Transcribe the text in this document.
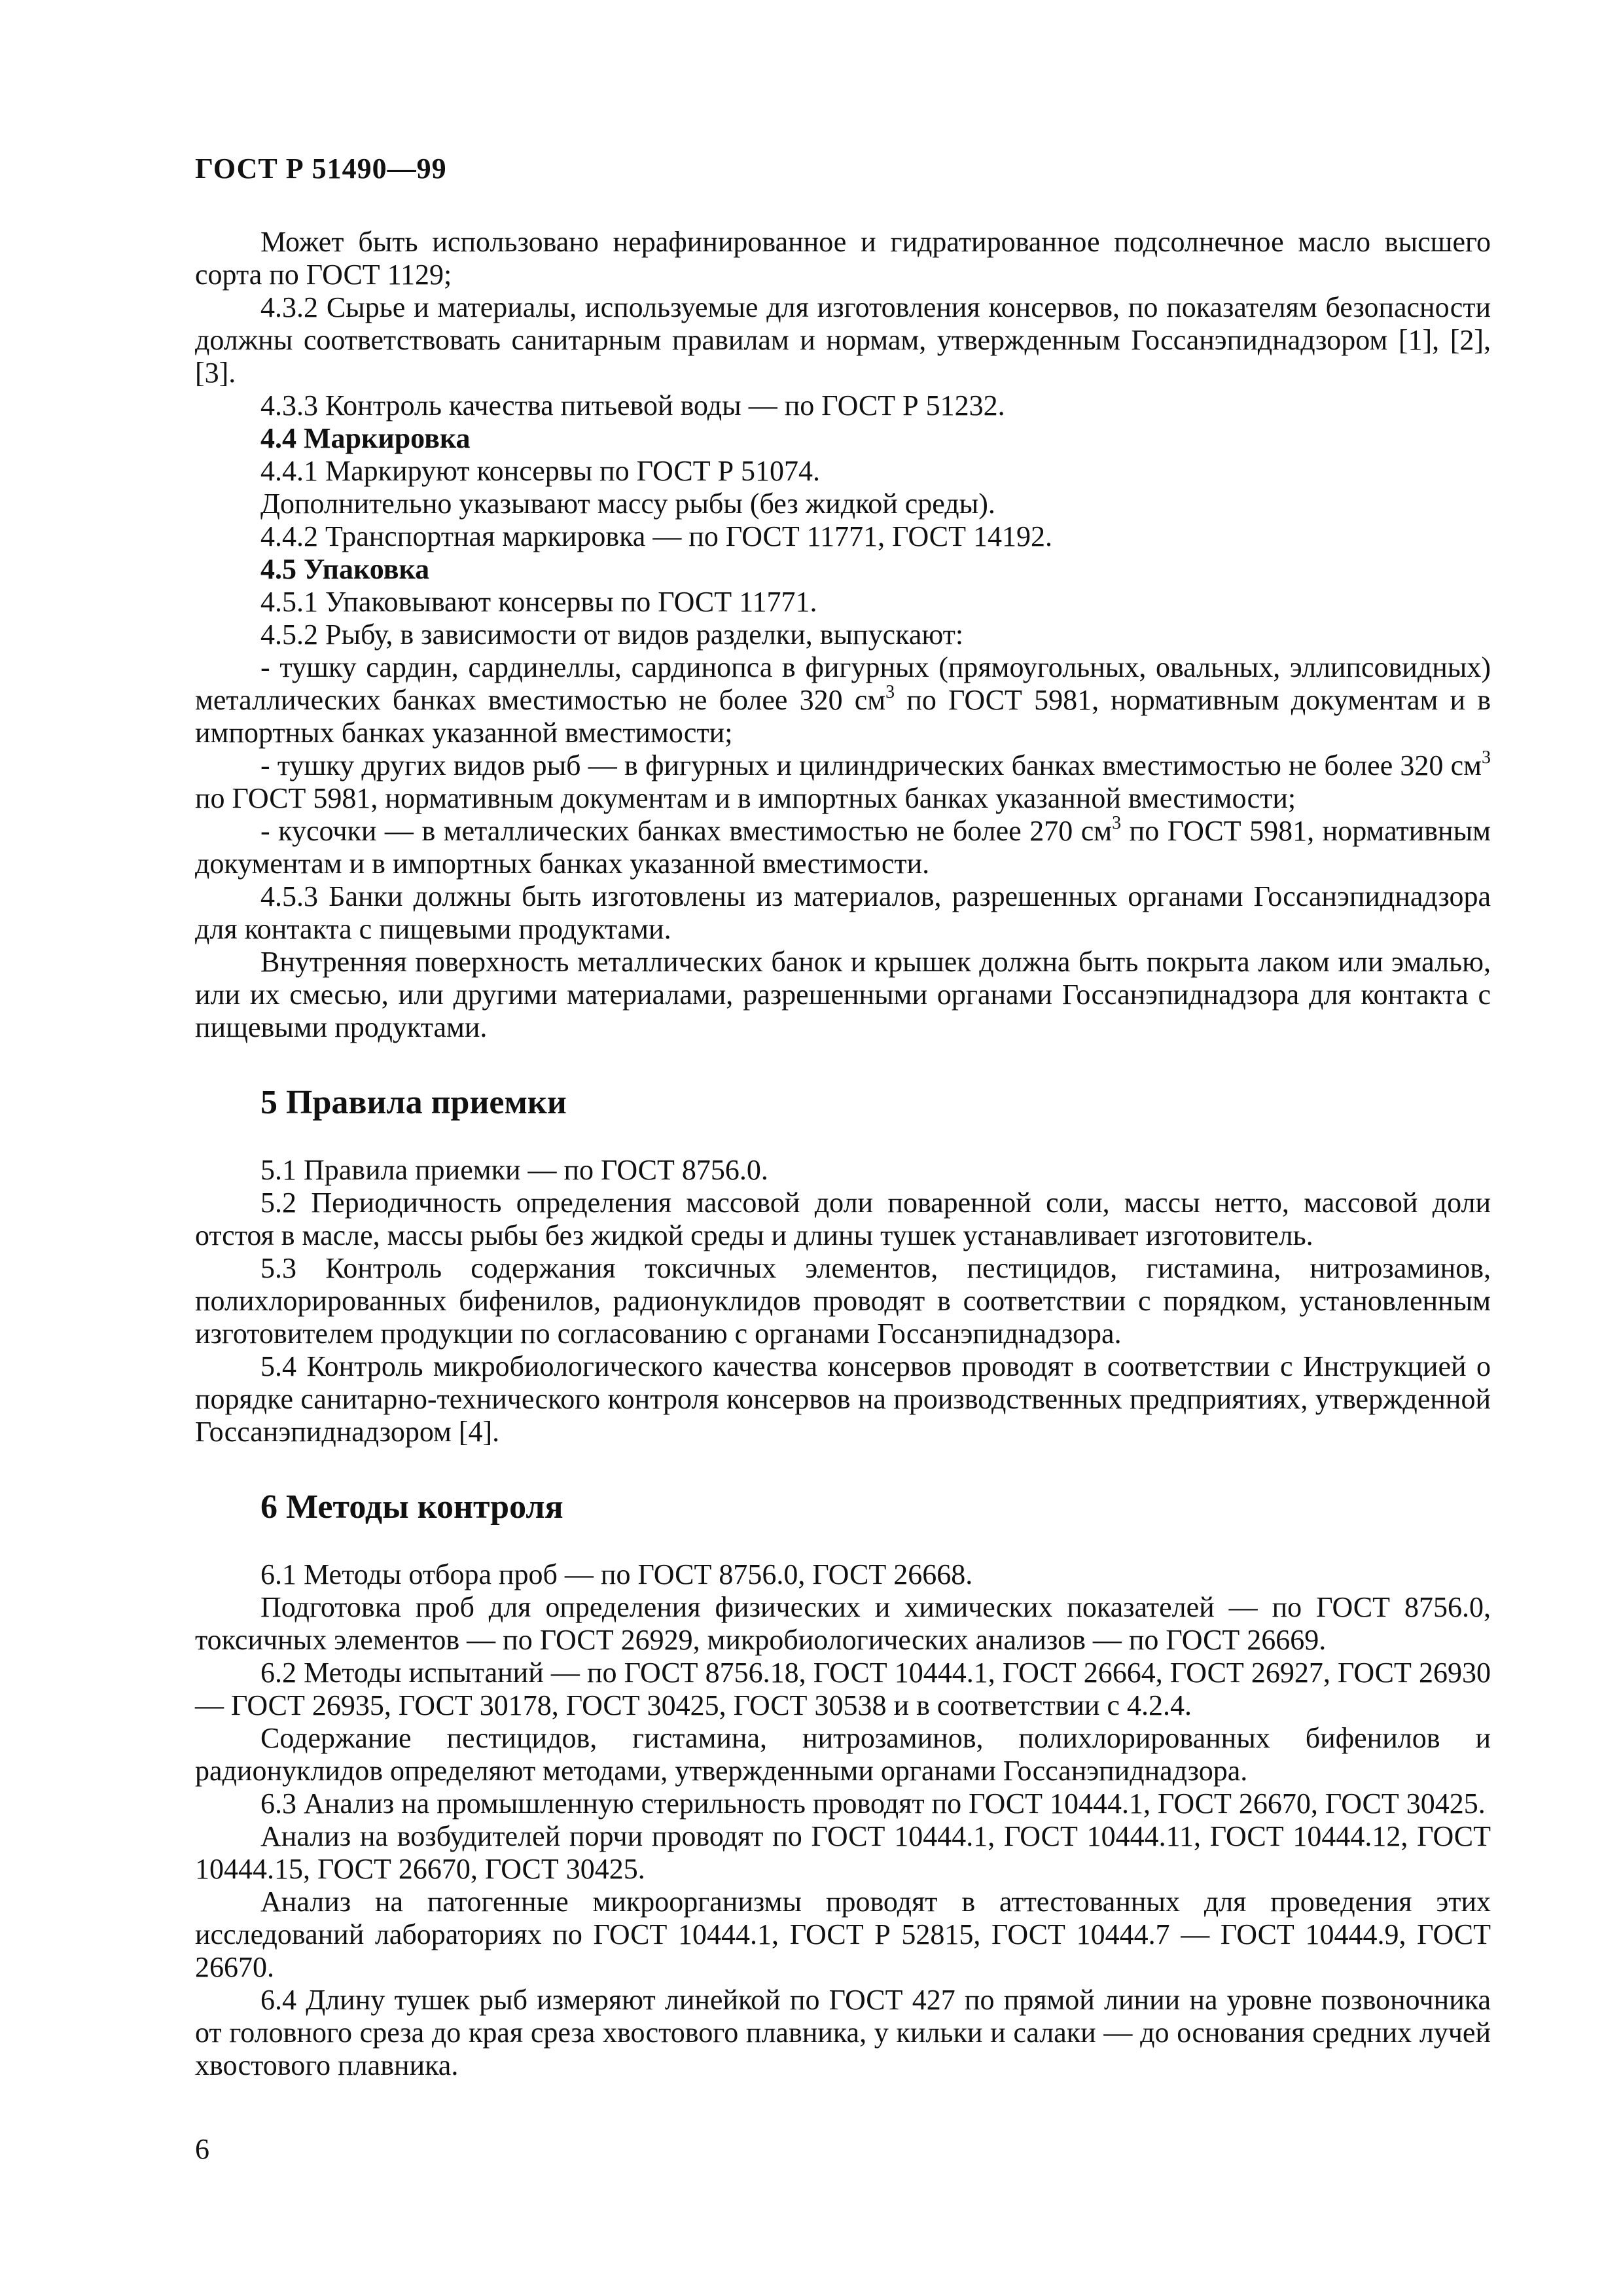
ГОСТ Р 51490—99

Может быть использовано нерафинированное и гидратированное подсолнечное масло высшего сорта по ГОСТ 1129;

4.3.2 Сырье и материалы, используемые для изготовления консервов, по показателям безопасности должны соответствовать санитарным правилам и нормам, утвержденным Госсанэпиднадзором [1], [2], [3].

4.3.3 Контроль качества питьевой воды — по ГОСТ Р 51232.

4.4 Маркировка

4.4.1 Маркируют консервы по ГОСТ Р 51074.

Дополнительно указывают массу рыбы (без жидкой среды).

4.4.2 Транспортная маркировка — по ГОСТ 11771, ГОСТ 14192.

4.5 Упаковка

4.5.1 Упаковывают консервы по ГОСТ 11771.

4.5.2 Рыбу, в зависимости от видов разделки, выпускают:

- тушку сардин, сардинеллы, сардинопса в фигурных (прямоугольных, овальных, эллипсовидных) металлических банках вместимостью не более 320 $см^3$ по ГОСТ 5981, нормативным документам и в импортных банках указанной вместимости;

- тушку других видов рыб — в фигурных и цилиндрических банках вместимостью не более 320 $см^3$ по ГОСТ 5981, нормативным документам и в импортных банках указанной вместимости;

- кусочки — в металлических банках вместимостью не более 270 $см^3$ по ГОСТ 5981, нормативным документам и в импортных банках указанной вместимости.

4.5.3 Банки должны быть изготовлены из материалов, разрешенных органами Госсанэпиднадзора для контакта с пищевыми продуктами.

Внутренняя поверхность металлических банок и крышек должна быть покрыта лаком или эмалью, или их смесью, или другими материалами, разрешенными органами Госсанэпиднадзора для контакта с пищевыми продуктами.

5 Правила приемки

5.1 Правила приемки — по ГОСТ 8756.0.

5.2 Периодичность определения массовой доли поваренной соли, массы нетто, массовой доли отстоя в масле, массы рыбы без жидкой среды и длины тушек устанавливает изготовитель.

5.3 Контроль содержания токсичных элементов, пестицидов, гистамина, нитрозаминов, полихлорированных бифенилов, радионуклидов проводят в соответствии с порядком, установленным изготовителем продукции по согласованию с органами Госсанэпиднадзора.

5.4 Контроль микробиологического качества консервов проводят в соответствии с Инструкцией о порядке санитарно-технического контроля консервов на производственных предприятиях, утвержденной Госсанэпиднадзором [4].

6 Методы контроля

6.1 Методы отбора проб — по ГОСТ 8756.0, ГОСТ 26668.

Подготовка проб для определения физических и химических показателей — по ГОСТ 8756.0, токсичных элементов — по ГОСТ 26929, микробиологических анализов — по ГОСТ 26669.

6.2 Методы испытаний — по ГОСТ 8756.18, ГОСТ 10444.1, ГОСТ 26664, ГОСТ 26927, ГОСТ 26930 — ГОСТ 26935, ГОСТ 30178, ГОСТ 30425, ГОСТ 30538 и в соответствии с 4.2.4.

Содержание пестицидов, гистамина, нитрозаминов, полихлорированных бифенилов и радионуклидов определяют методами, утвержденными органами Госсанэпиднадзора.

6.3 Анализ на промышленную стерильность проводят по ГОСТ 10444.1, ГОСТ 26670, ГОСТ 30425.

Анализ на возбудителей порчи проводят по ГОСТ 10444.1, ГОСТ 10444.11, ГОСТ 10444.12, ГОСТ 10444.15, ГОСТ 26670, ГОСТ 30425.

Анализ на патогенные микроорганизмы проводят в аттестованных для проведения этих исследований лабораториях по ГОСТ 10444.1, ГОСТ Р 52815, ГОСТ 10444.7 — ГОСТ 10444.9, ГОСТ 26670.

6.4 Длину тушек рыб измеряют линейкой по ГОСТ 427 по прямой линии на уровне позвоночника от головного среза до края среза хвостового плавника, у кильки и салаки — до основания средних лучей хвостового плавника.

6
